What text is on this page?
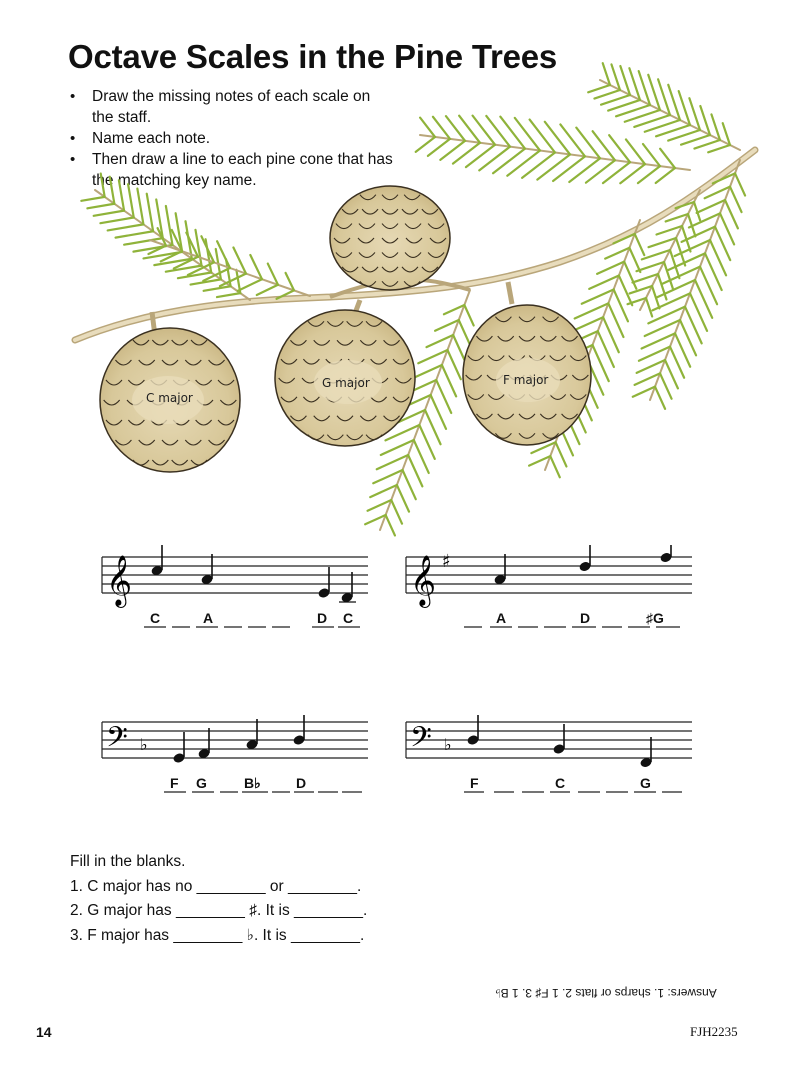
Octave Scales in the Pine Trees
• Draw the missing notes of each scale on the staff.
• Name each note.
• Then draw a line to each pine cone that has the matching key name.
C major
G major	F major
𝄞
C	A	D C
𝄞 ♯
A	D	♯G
𝄢 ♭
F G	B♭	D
𝄢 ♭
F	C	G
Fill in the blanks.
1. C major has no ________ or ________.
2. G major has ________ ♯. It is ________.
3. F major has ________ ♭. It is ________.
Answers: 1. sharps or flats 2. 1 F♯ 3. 1 B♭
14	FJH2235
